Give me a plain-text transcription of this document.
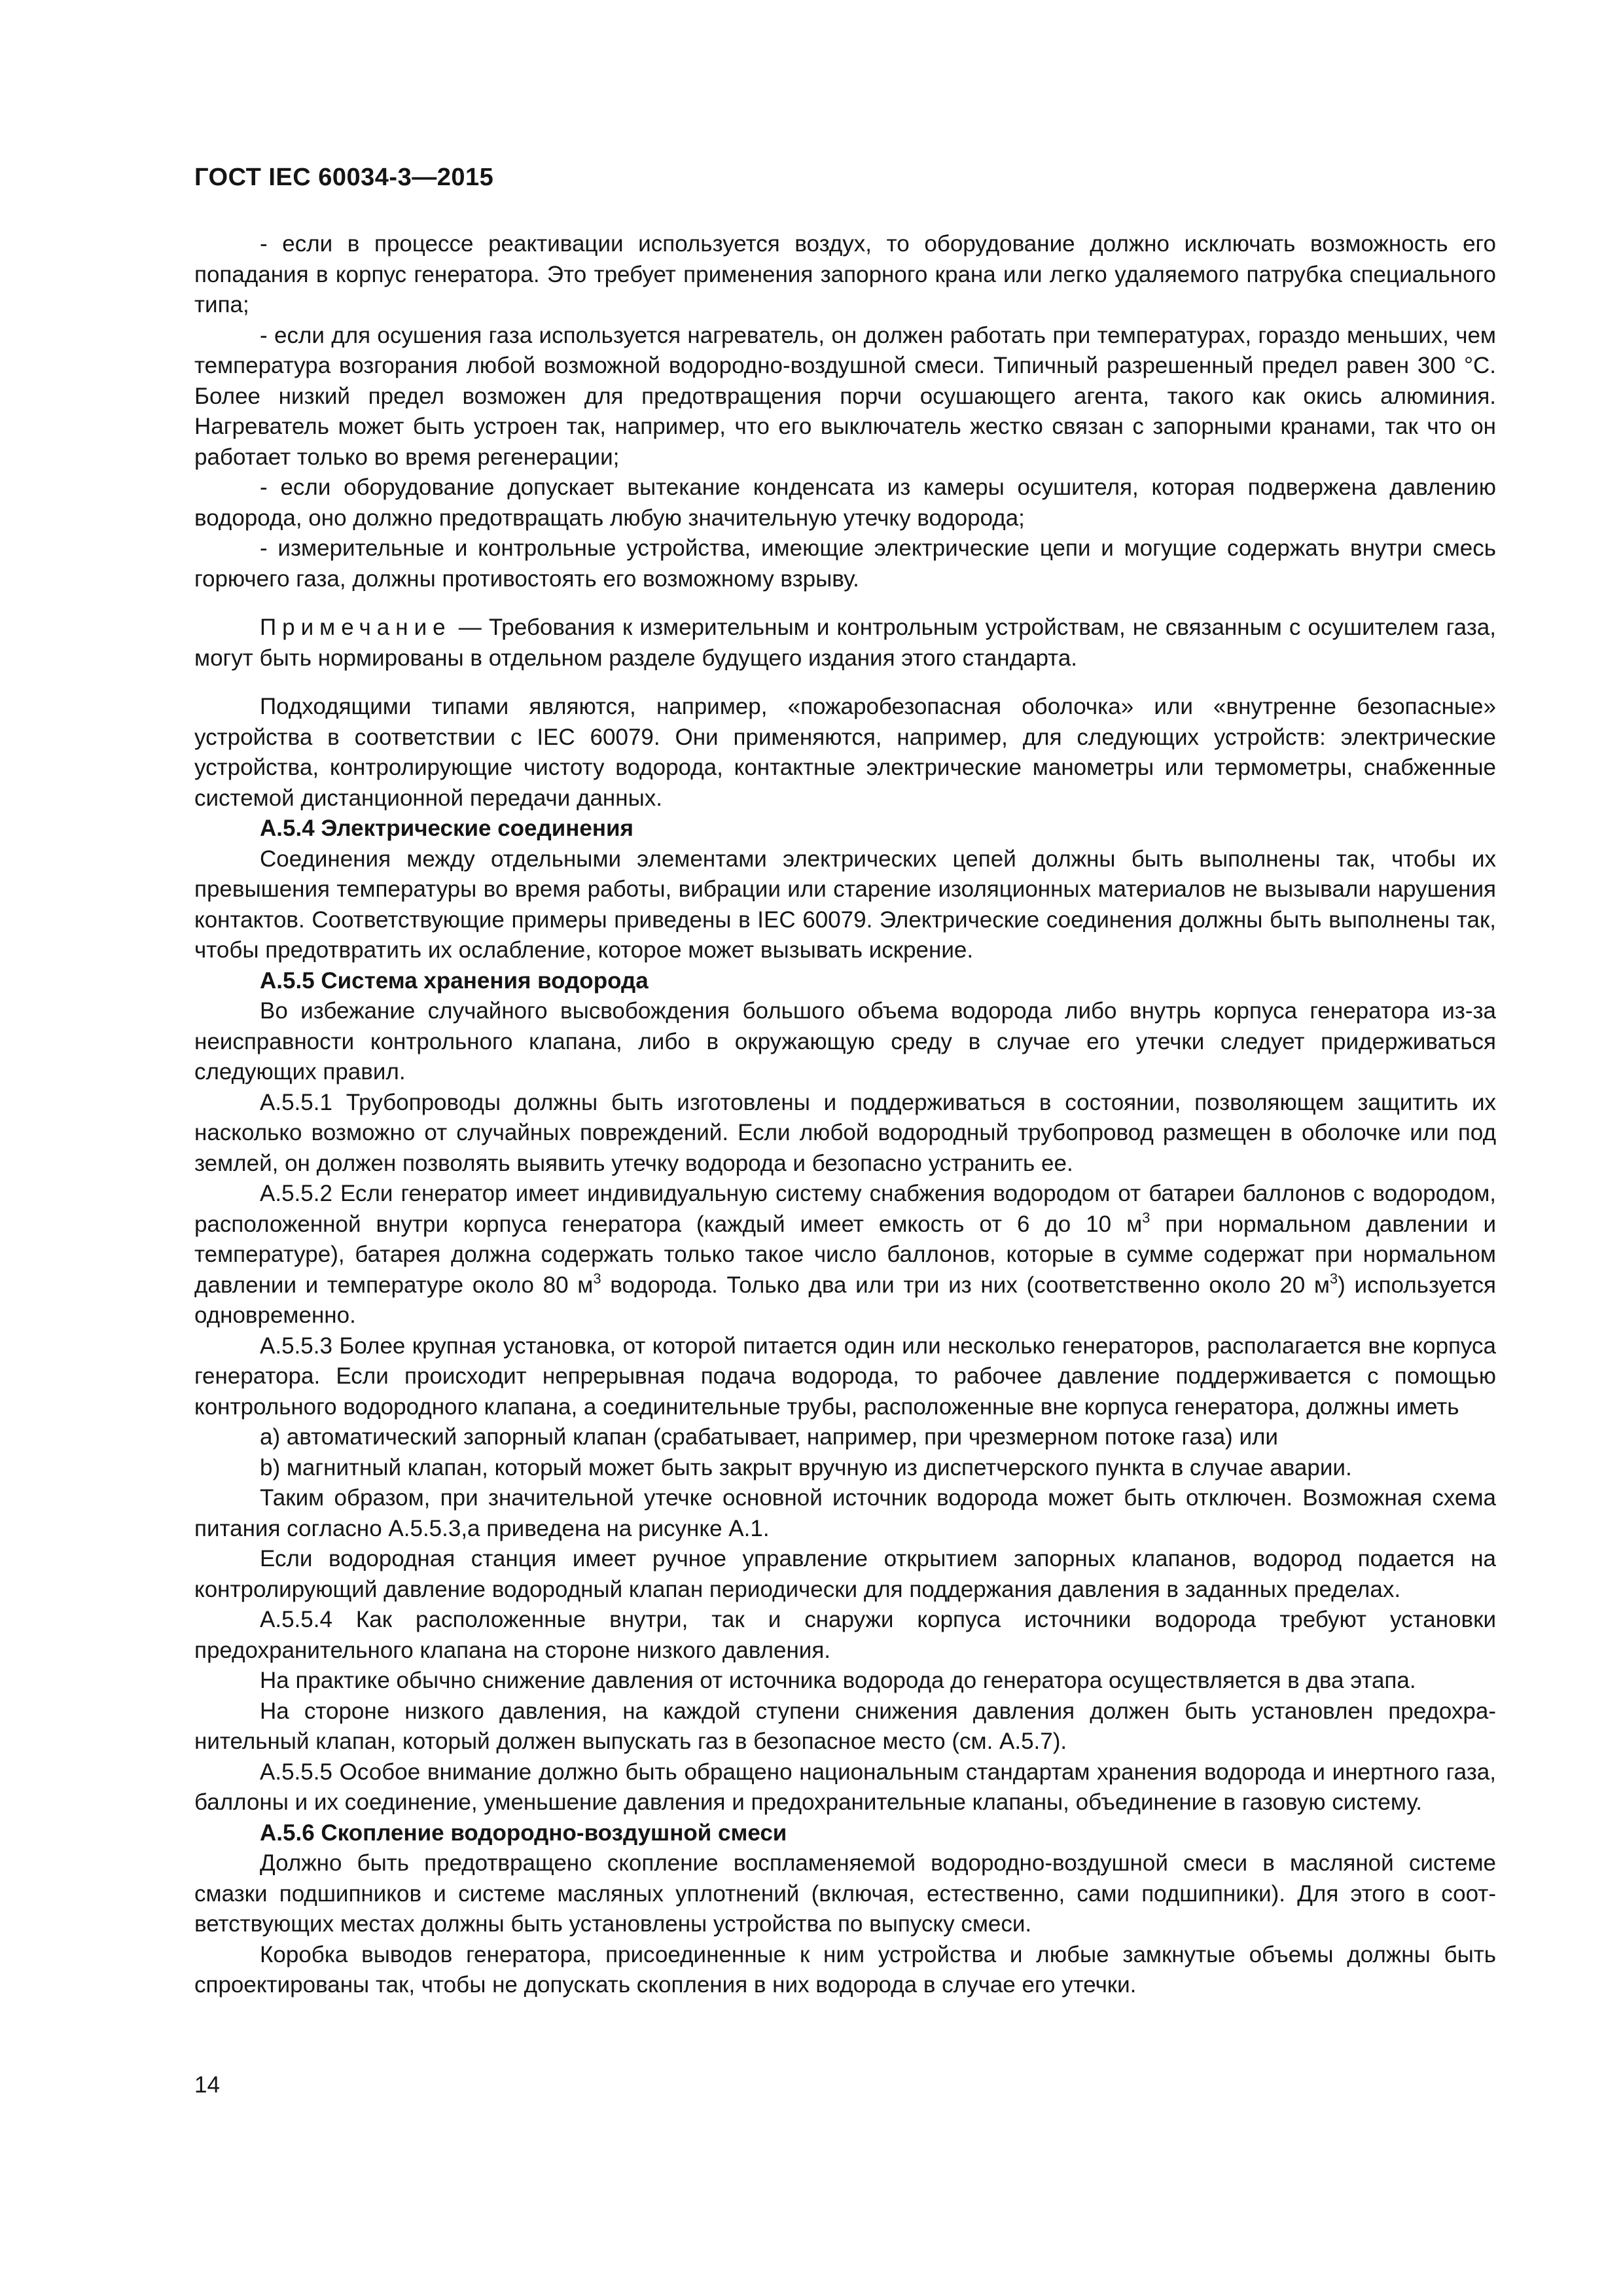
ГОСТ IEC 60034-3—2015

- если в процессе реактивации используется воздух, то оборудование должно исключать возможность его попадания в корпус генератора. Это требует применения запорного крана или легко удаляемого патрубка специального типа;

- если для осушения газа используется нагреватель, он должен работать при температурах, гораздо меньших, чем температура возгорания любой возможной водородно-воздушной смеси. Типичный разрешенный предел равен 300 °С. Более низкий предел возможен для предотвращения порчи осушающего агента, такого как окись алюминия. Нагреватель может быть устроен так, например, что его выключатель жестко связан с запорными кранами, так что он работает только во время регенерации;

- если оборудование допускает вытекание конденсата из камеры осушителя, которая подвержена давлению водорода, оно должно предотвращать любую значительную утечку водорода;

- измерительные и контрольные устройства, имеющие электрические цепи и могущие содержать внутри смесь горючего газа, должны противостоять его возможному взрыву.

Примечание — Требования к измерительным и контрольным устройствам, не связанным с осушителем газа, могут быть нормированы в отдельном разделе будущего издания этого стандарта.

Подходящими типами являются, например, «пожаробезопасная оболочка» или «внутренне безопасные» устройства в соответствии с IEC 60079. Они применяются, например, для следующих устройств: электрические устройства, контролирующие чистоту водорода, контактные электрические манометры или термометры, снабженные системой дистанционной передачи данных.

А.5.4 Электрические соединения

Соединения между отдельными элементами электрических цепей должны быть выполнены так, чтобы их превышения температуры во время работы, вибрации или старение изоляционных материалов не вызывали нарушения контактов. Соответствующие примеры приведены в IEC 60079. Электрические соединения должны быть выполнены так, чтобы предотвратить их ослабление, которое может вызывать искрение.

А.5.5 Система хранения водорода

Во избежание случайного высвобождения большого объема водорода либо внутрь корпуса генератора из-за неисправности контрольного клапана, либо в окружающую среду в случае его утечки следует придерживаться следующих правил.

А.5.5.1 Трубопроводы должны быть изготовлены и поддерживаться в состоянии, позволяющем защитить их насколько возможно от случайных повреждений. Если любой водородный трубопровод размещен в оболочке или под землей, он должен позволять выявить утечку водорода и безопасно устранить ее.

А.5.5.2 Если генератор имеет индивидуальную систему снабжения водородом от батареи баллонов с водородом, расположенной внутри корпуса генератора (каждый имеет емкость от 6 до 10 $м^3$ при нормальном давлении и температуре), батарея должна содержать только такое число баллонов, которые в сумме содержат при нормальном давлении и температуре около 80 $м^3$ водорода. Только два или три из них (соответственно около 20 $м^3$) используется одновременно.

А.5.5.3 Более крупная установка, от которой питается один или несколько генераторов, располагается вне корпуса генератора. Если происходит непрерывная подача водорода, то рабочее давление поддерживается с помощью контрольного водородного клапана, а соединительные трубы, расположенные вне корпуса генератора, должны иметь

a) автоматический запорный клапан (срабатывает, например, при чрезмерном потоке газа) или

b) магнитный клапан, который может быть закрыт вручную из диспетчерского пункта в случае аварии.

Таким образом, при значительной утечке основной источник водорода может быть отключен. Возможная схема питания согласно А.5.5.3,а приведена на рисунке А.1.

Если водородная станция имеет ручное управление открытием запорных клапанов, водород подается на контролирующий давление водородный клапан периодически для поддержания давления в заданных пределах.

А.5.5.4 Как расположенные внутри, так и снаружи корпуса источники водорода требуют установки предохранительного клапана на стороне низкого давления.

На практике обычно снижение давления от источника водорода до генератора осуществляется в два этапа.

На стороне низкого давления, на каждой ступени снижения давления должен быть установлен предохранительный клапан, который должен выпускать газ в безопасное место (см. А.5.7).

А.5.5.5 Особое внимание должно быть обращено национальным стандартам хранения водорода и инертного газа, баллоны и их соединение, уменьшение давления и предохранительные клапаны, объединение в газовую систему.

А.5.6 Скопление водородно-воздушной смеси

Должно быть предотвращено скопление воспламеняемой водородно-воздушной смеси в масляной системе смазки подшипников и системе масляных уплотнений (включая, естественно, сами подшипники). Для этого в соответствующих местах должны быть установлены устройства по выпуску смеси.

Коробка выводов генератора, присоединенные к ним устройства и любые замкнутые объемы должны быть спроектированы так, чтобы не допускать скопления в них водорода в случае его утечки.

14
